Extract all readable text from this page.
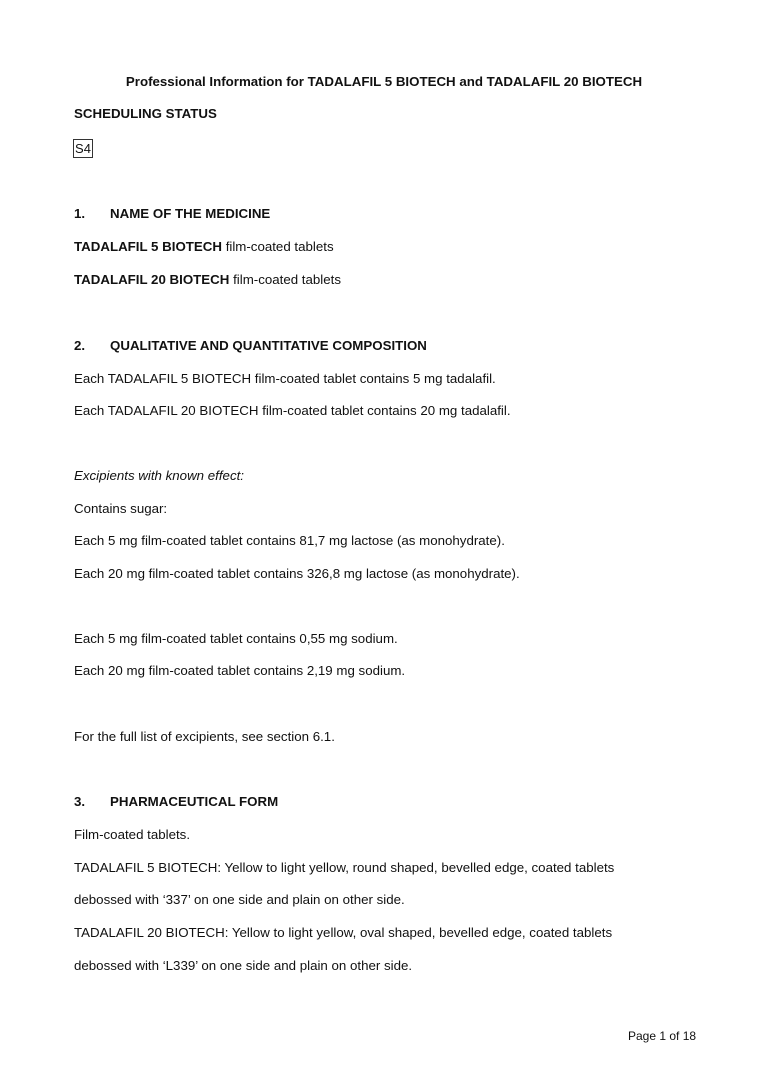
Professional Information for TADALAFIL 5 BIOTECH and TADALAFIL 20 BIOTECH
SCHEDULING STATUS
S4
1. NAME OF THE MEDICINE
TADALAFIL 5 BIOTECH film-coated tablets
TADALAFIL 20 BIOTECH film-coated tablets
2. QUALITATIVE AND QUANTITATIVE COMPOSITION
Each TADALAFIL 5 BIOTECH film-coated tablet contains 5 mg tadalafil.
Each TADALAFIL 20 BIOTECH film-coated tablet contains 20 mg tadalafil.
Excipients with known effect:
Contains sugar:
Each 5 mg film-coated tablet contains 81,7 mg lactose (as monohydrate).
Each 20 mg film-coated tablet contains 326,8 mg lactose (as monohydrate).
Each 5 mg film-coated tablet contains 0,55 mg sodium.
Each 20 mg film-coated tablet contains 2,19 mg sodium.
For the full list of excipients, see section 6.1.
3. PHARMACEUTICAL FORM
Film-coated tablets.
TADALAFIL 5 BIOTECH: Yellow to light yellow, round shaped, bevelled edge, coated tablets
debossed with ‘337’ on one side and plain on other side.
TADALAFIL 20 BIOTECH: Yellow to light yellow, oval shaped, bevelled edge, coated tablets
debossed with ‘L339’ on one side and plain on other side.
Page 1 of 18
